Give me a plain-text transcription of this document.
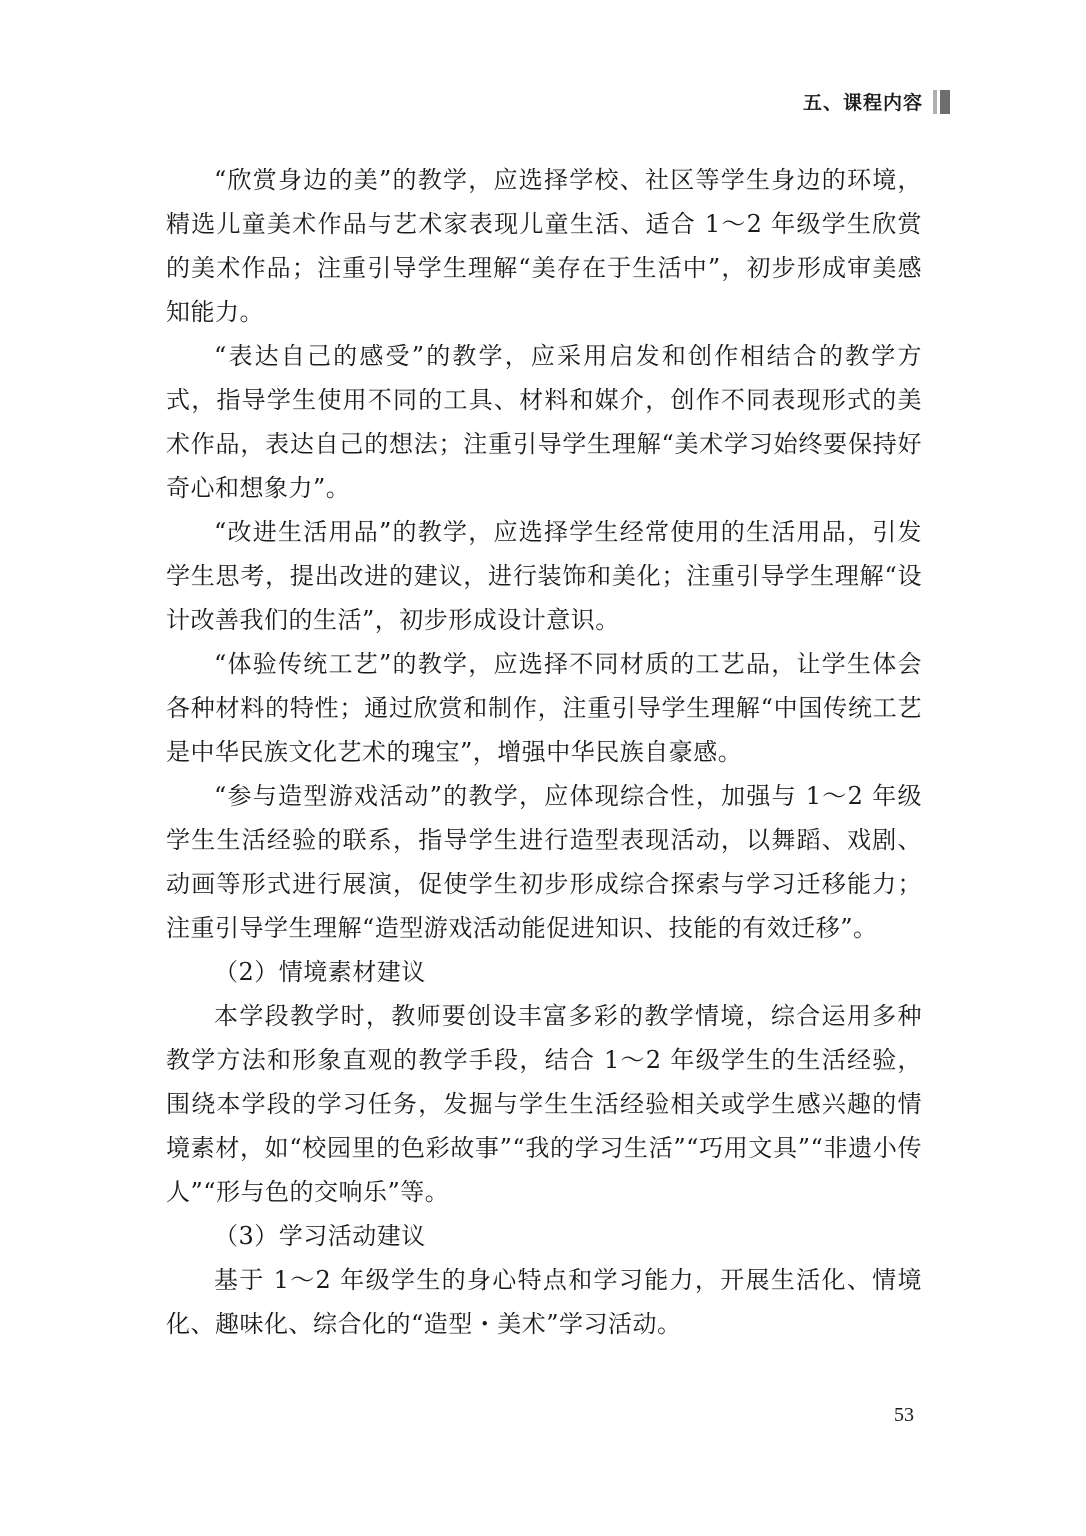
五、课程内容

“欣赏身边的美”的教学，应选择学校、社区等学生身边的环境，精选儿童美术作品与艺术家表现儿童生活、适合 1～2 年级学生欣赏的美术作品；注重引导学生理解“美存在于生活中”，初步形成审美感知能力。

“表达自己的感受”的教学，应采用启发和创作相结合的教学方式，指导学生使用不同的工具、材料和媒介，创作不同表现形式的美术作品，表达自己的想法；注重引导学生理解“美术学习始终要保持好奇心和想象力”。

“改进生活用品”的教学，应选择学生经常使用的生活用品，引发学生思考，提出改进的建议，进行装饰和美化；注重引导学生理解“设计改善我们的生活”，初步形成设计意识。

“体验传统工艺”的教学，应选择不同材质的工艺品，让学生体会各种材料的特性；通过欣赏和制作，注重引导学生理解“中国传统工艺是中华民族文化艺术的瑰宝”，增强中华民族自豪感。

“参与造型游戏活动”的教学，应体现综合性，加强与 1～2 年级学生生活经验的联系，指导学生进行造型表现活动，以舞蹈、戏剧、动画等形式进行展演，促使学生初步形成综合探索与学习迁移能力；注重引导学生理解“造型游戏活动能促进知识、技能的有效迁移”。

（2）情境素材建议

本学段教学时，教师要创设丰富多彩的教学情境，综合运用多种教学方法和形象直观的教学手段，结合 1～2 年级学生的生活经验，围绕本学段的学习任务，发掘与学生生活经验相关或学生感兴趣的情境素材，如“校园里的色彩故事”“我的学习生活”“巧用文具”“非遗小传人”“形与色的交响乐”等。

（3）学习活动建议

基于 1～2 年级学生的身心特点和学习能力，开展生活化、情境化、趣味化、综合化的“造型・美术”学习活动。

53
